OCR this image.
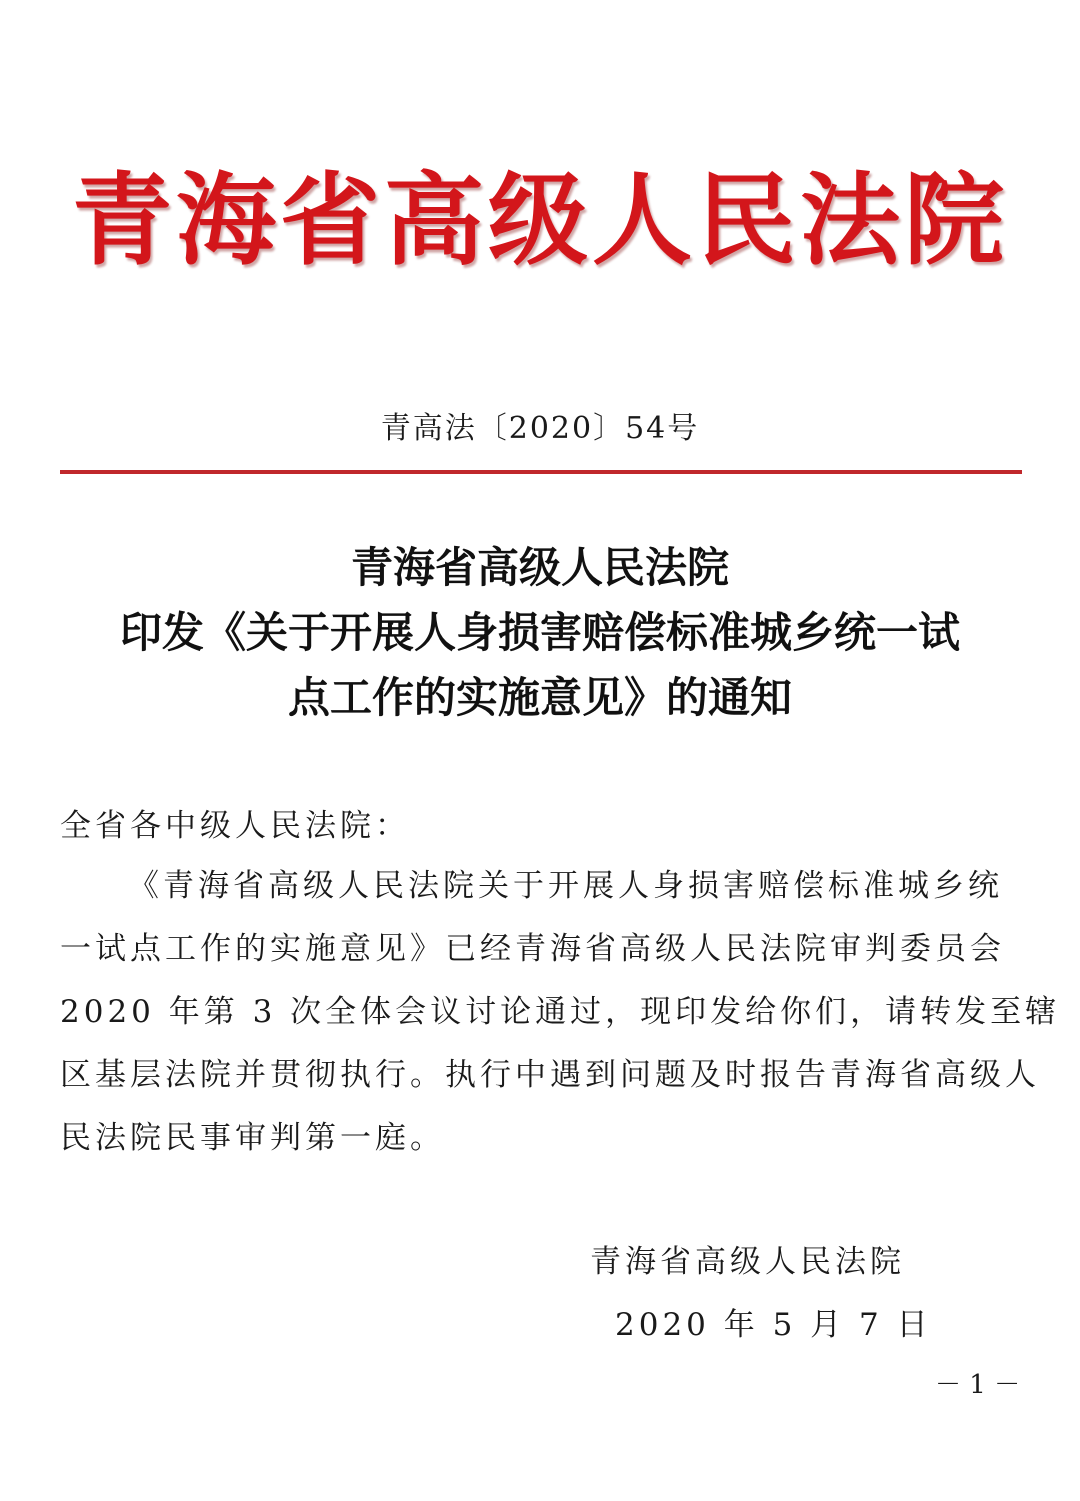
青海省高级人民法院
青高法〔2020〕54号
青海省高级人民法院
印发《关于开展人身损害赔偿标准城乡统一试
点工作的实施意见》的通知
全省各中级人民法院：
《青海省高级人民法院关于开展人身损害赔偿标准城乡统
一试点工作的实施意见》已经青海省高级人民法院审判委员会
2020 年第 3 次全体会议讨论通过，现印发给你们，请转发至辖
区基层法院并贯彻执行。执行中遇到问题及时报告青海省高级人
民法院民事审判第一庭。
青海省高级人民法院
2020 年 5 月 7 日
－ 1 －
